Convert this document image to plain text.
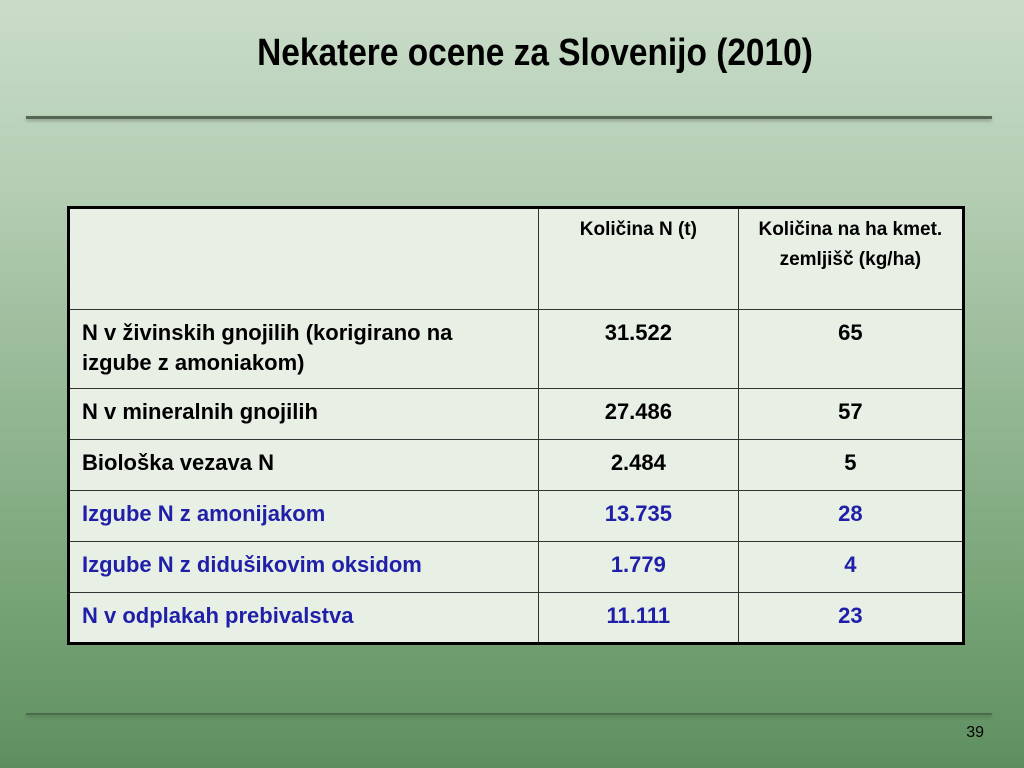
Nekatere ocene za Slovenijo (2010)
	Količina N (t)	Količina na ha kmet. zemljišč (kg/ha)
N v živinskih gnojilih (korigirano na izgube z amoniakom)	31.522	65
N v mineralnih gnojilih	27.486	57
Biološka vezava N	2.484	5
Izgube N z amonijakom	13.735	28
Izgube N z didušikovim oksidom	1.779	4
N v odplakah prebivalstva	11.111	23
39
